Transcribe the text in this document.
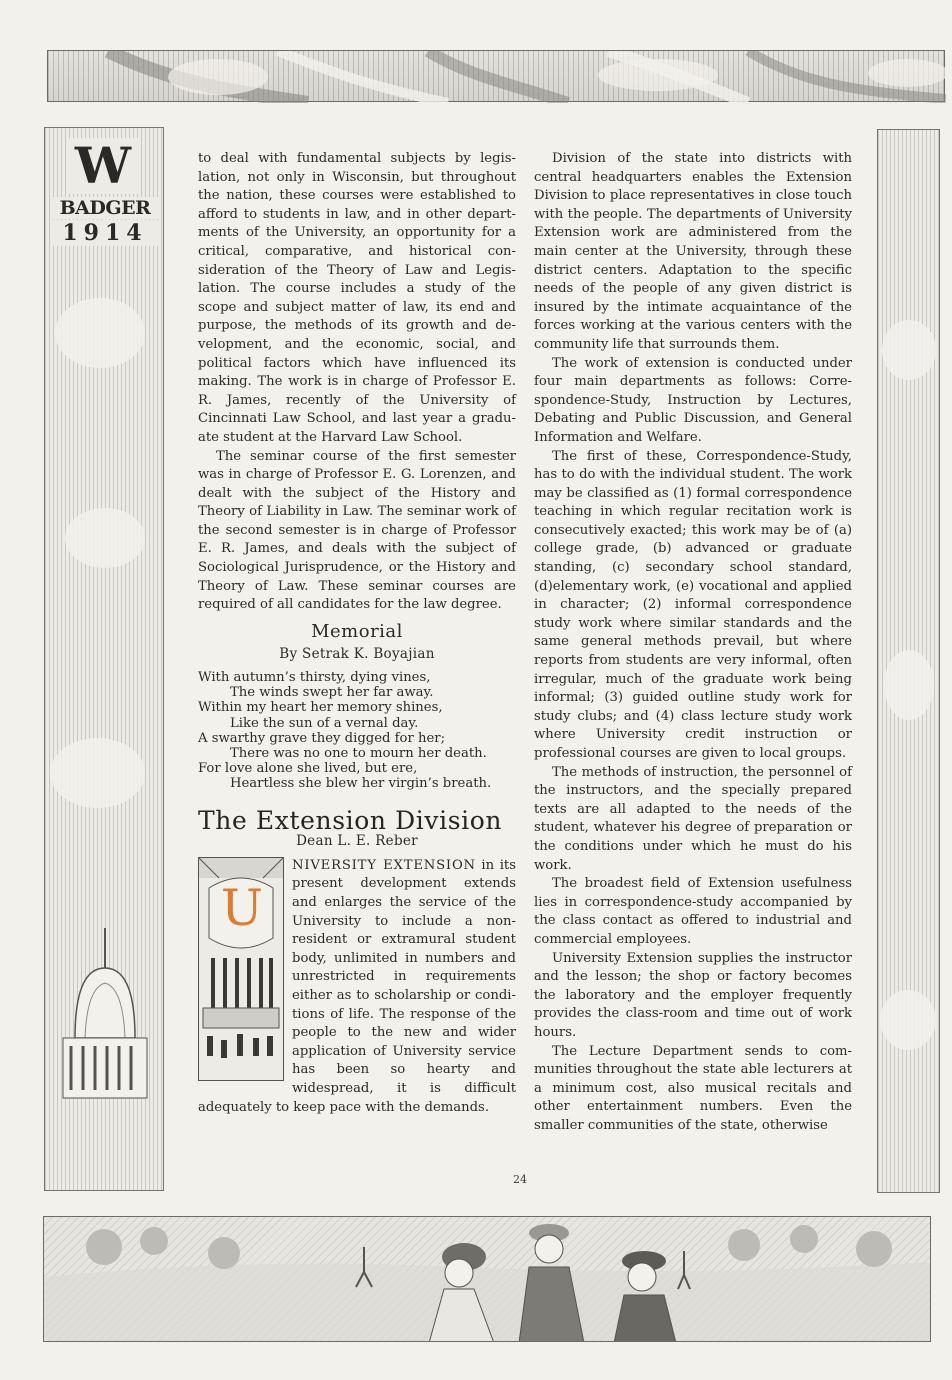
W
BADGER
1914

to deal with fundamental subjects by legislation, not only in Wisconsin, but throughout the nation, these courses were established to afford to students in law, and in other departments of the University, an opportunity for a critical, comparative, and historical consideration of the Theory of Law and Legislation. The course includes a study of the scope and subject matter of law, its end and purpose, the methods of its growth and development, and the economic, social, and political factors which have influenced its making. The work is in charge of Professor E. R. James, recently of the University of Cincinnati Law School, and last year a graduate student at the Harvard Law School.

The seminar course of the first semester was in charge of Professor E. G. Lorenzen, and dealt with the subject of the History and Theory of Liability in Law. The seminar work of the second semester is in charge of Professor E. R. James, and deals with the subject of Sociological Jurisprudence, or the History and Theory of Law. These seminar courses are required of all candidates for the law degree.

Memorial
By Setrak K. Boyajian
With autumn’s thirsty, dying vines,
The winds swept her far away.
Within my heart her memory shines,
Like the sun of a vernal day.
A swarthy grave they digged for her;
There was no one to mourn her death.
For love alone she lived, but ere,
Heartless she blew her virgin’s breath.
The Extension Division
Dean L. E. Reber
U
NIVERSITY EXTENSION in its present development extends and enlarges the service of the University to include a non-resident or extramural student body, unlimited in numbers and unrestricted in requirements either as to scholarship or conditions of life. The response of the people to the new and wider application of University service has been so hearty and widespread, it is difficult adequately to keep pace with the demands.

Division of the state into districts with central headquarters enables the Extension Division to place representatives in close touch with the people. The departments of University Extension work are administered from the main center at the University, through these district centers. Adaptation to the specific needs of the people of any given district is insured by the intimate acquaintance of the forces working at the various centers with the community life that surrounds them.

The work of extension is conducted under four main departments as follows: Correspondence-Study, Instruction by Lectures, Debating and Public Discussion, and General Information and Welfare.

The first of these, Correspondence-Study, has to do with the individual student. The work may be classified as (1) formal correspondence teaching in which regular recitation work is consecutively exacted; this work may be of (a) college grade, (b) advanced or graduate standing, (c) secondary school standard, (d)elementary work, (e) vocational and applied in character; (2) informal correspondence study work where similar standards and the same general methods prevail, but where reports from students are very informal, often irregular, much of the graduate work being informal; (3) guided outline study work for study clubs; and (4) class lecture study work where University credit instruction or professional courses are given to local groups.

The methods of instruction, the personnel of the instructors, and the specially prepared texts are all adapted to the needs of the student, whatever his degree of preparation or the conditions under which he must do his work.

The broadest field of Extension usefulness lies in correspondence-study accompanied by the class contact as offered to industrial and commercial employees.

University Extension supplies the instructor and the lesson; the shop or factory becomes the laboratory and the employer frequently provides the class-room and time out of work hours.

The Lecture Department sends to communities throughout the state able lecturers at a minimum cost, also musical recitals and other entertainment numbers. Even the smaller communities of the state, otherwise

24
